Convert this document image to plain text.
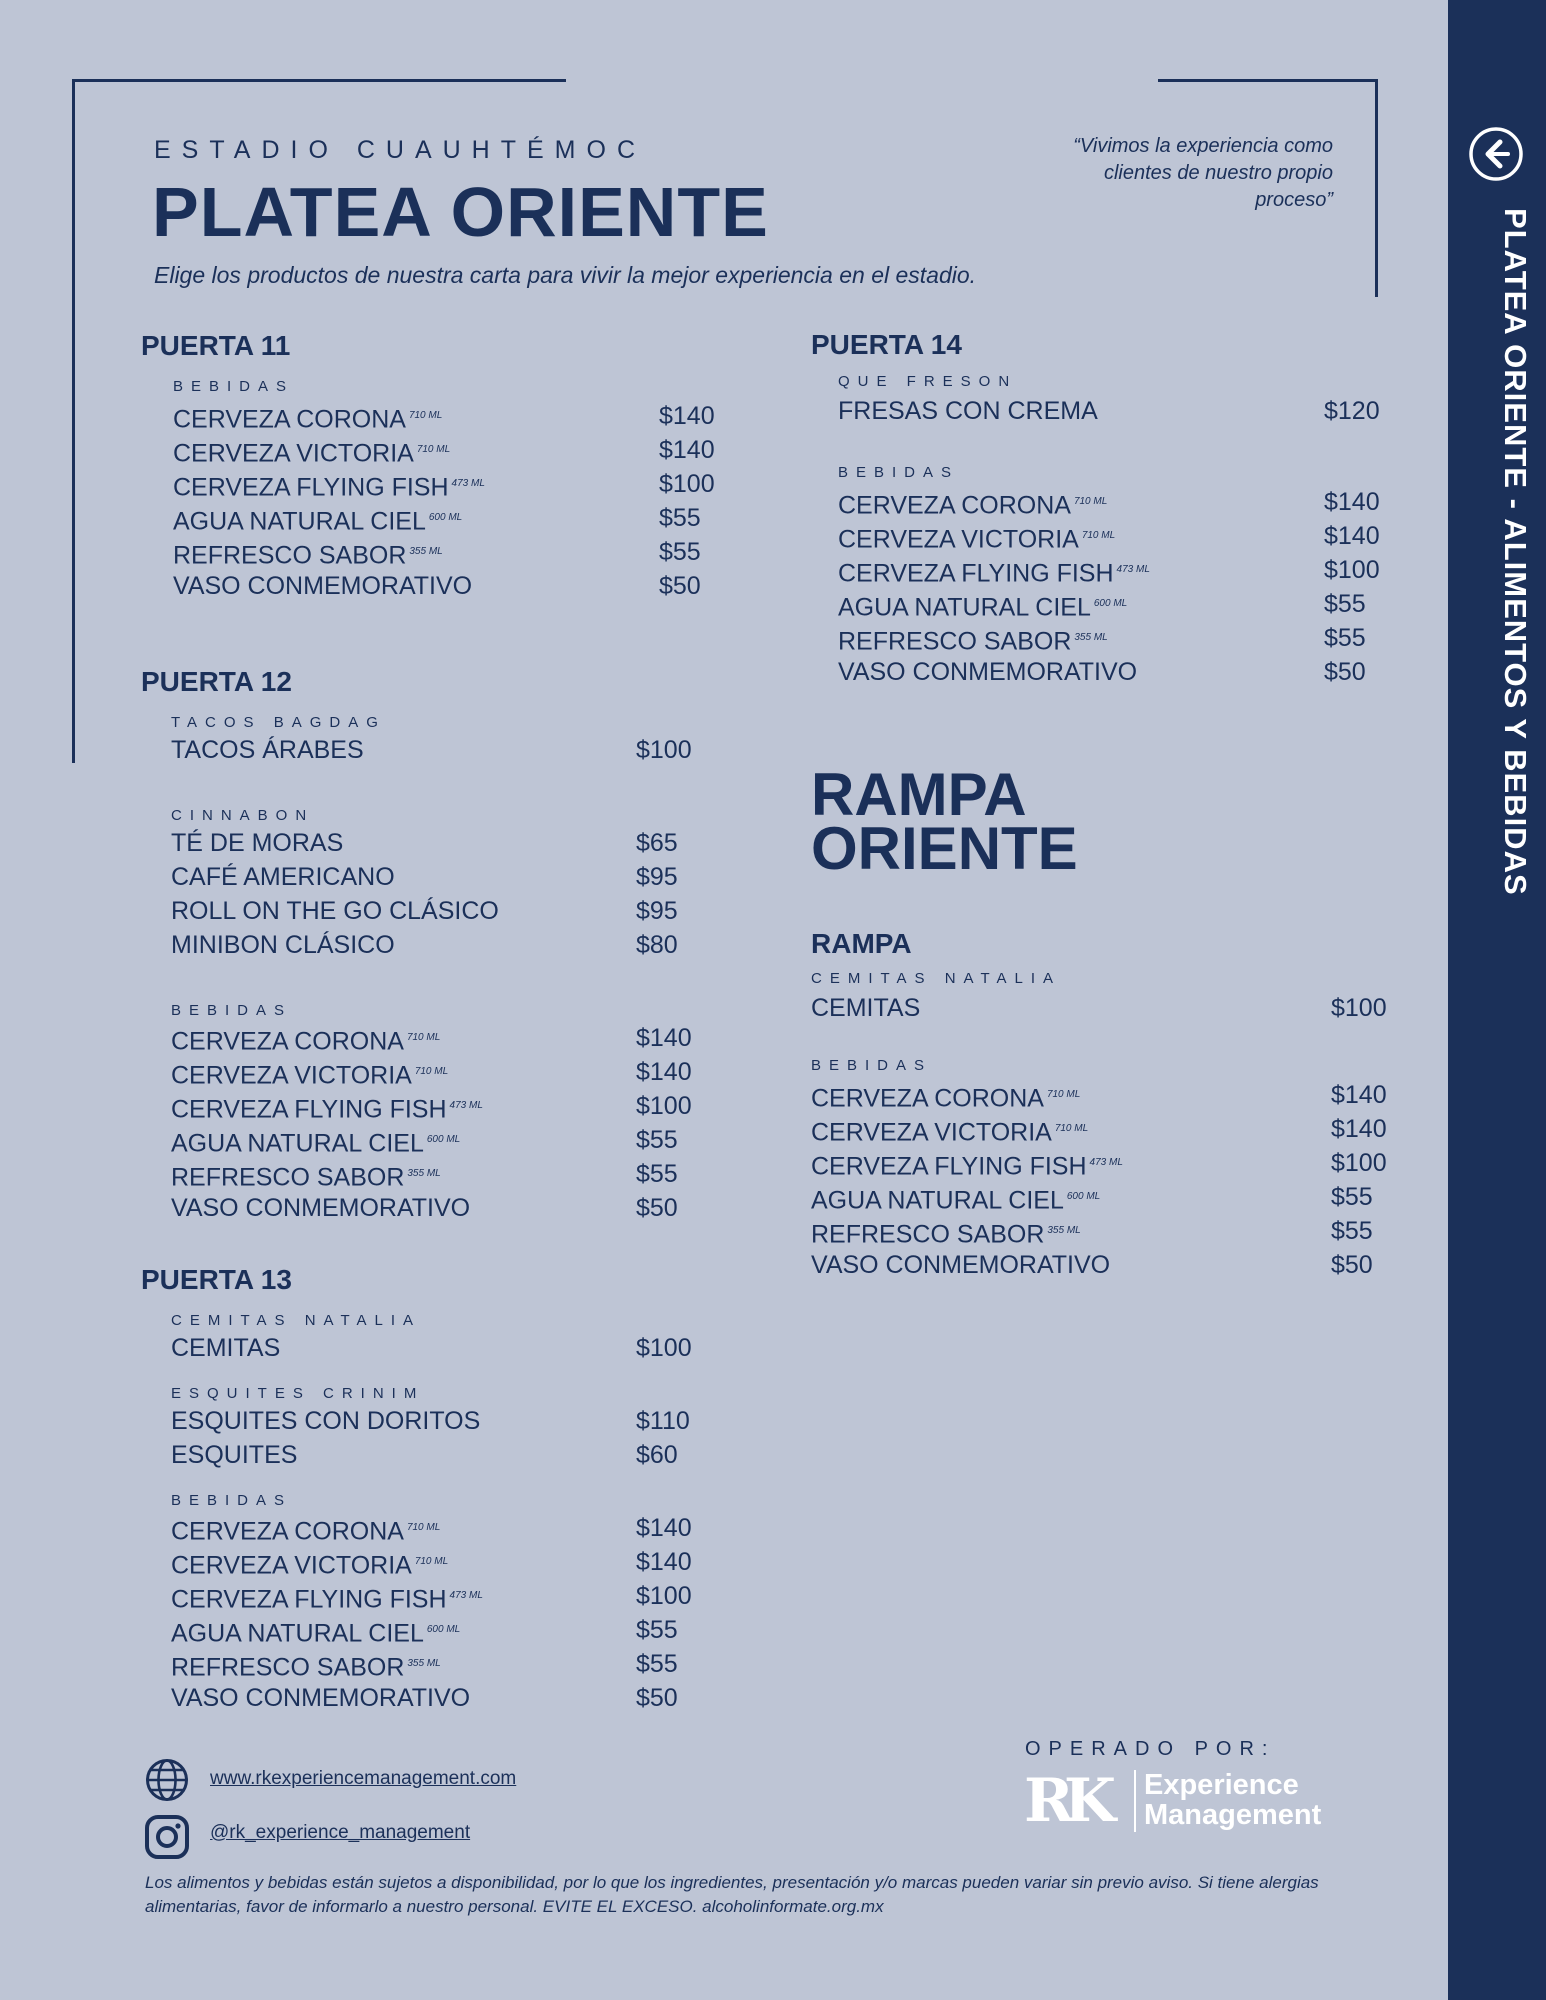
PLATEA ORIENTE - ALIMENTOS Y BEBIDAS
ESTADIO CUAUHTÉMOC
PLATEA ORIENTE
Elige los productos de nuestra carta para vivir la mejor experiencia en el estadio.
“Vivimos la experiencia como clientes de nuestro propio proceso”
RAMPA
ORIENTE
PUERTA 11
BEBIDAS
CERVEZA CORONA $^{710 ML}$	$140
CERVEZA VICTORIA $^{710 ML}$	$140
CERVEZA FLYING FISH $^{473 ML}$	$100
AGUA NATURAL CIEL $^{600 ML}$	$55
REFRESCO SABOR $^{355 ML}$	$55
VASO CONMEMORATIVO	$50
PUERTA 12
TACOS BAGDAG
TACOS ÁRABES	$100
CINNABON
TÉ DE MORAS	$65
CAFÉ AMERICANO	$95
ROLL ON THE GO CLÁSICO	$95
MINIBON CLÁSICO	$80
BEBIDAS
CERVEZA CORONA $^{710 ML}$	$140
CERVEZA VICTORIA $^{710 ML}$	$140
CERVEZA FLYING FISH $^{473 ML}$	$100
AGUA NATURAL CIEL $^{600 ML}$	$55
REFRESCO SABOR $^{355 ML}$	$55
VASO CONMEMORATIVO	$50
PUERTA 13
CEMITAS NATALIA
CEMITAS	$100
ESQUITES CRINIM
ESQUITES CON DORITOS	$110
ESQUITES	$60
BEBIDAS
CERVEZA CORONA $^{710 ML}$	$140
CERVEZA VICTORIA $^{710 ML}$	$140
CERVEZA FLYING FISH $^{473 ML}$	$100
AGUA NATURAL CIEL $^{600 ML}$	$55
REFRESCO SABOR $^{355 ML}$	$55
VASO CONMEMORATIVO	$50
PUERTA 14
QUE FRESON
FRESAS CON CREMA	$120
BEBIDAS
CERVEZA CORONA $^{710 ML}$	$140
CERVEZA VICTORIA $^{710 ML}$	$140
CERVEZA FLYING FISH $^{473 ML}$	$100
AGUA NATURAL CIEL $^{600 ML}$	$55
REFRESCO SABOR $^{355 ML}$	$55
VASO CONMEMORATIVO	$50
RAMPA
CEMITAS NATALIA
CEMITAS	$100
BEBIDAS
CERVEZA CORONA $^{710 ML}$	$140
CERVEZA VICTORIA $^{710 ML}$	$140
CERVEZA FLYING FISH $^{473 ML}$	$100
AGUA NATURAL CIEL $^{600 ML}$	$55
REFRESCO SABOR $^{355 ML}$	$55
VASO CONMEMORATIVO	$50
www.rkexperiencemanagement.com
@rk_experience_management
OPERADO POR:
RK Experience
Management
Los alimentos y bebidas están sujetos a disponibilidad, por lo que los ingredientes, presentación y/o marcas pueden variar sin previo aviso. Si tiene alergias alimentarias, favor de informarlo a nuestro personal. EVITE EL EXCESO. alcoholinformate.org.mx
